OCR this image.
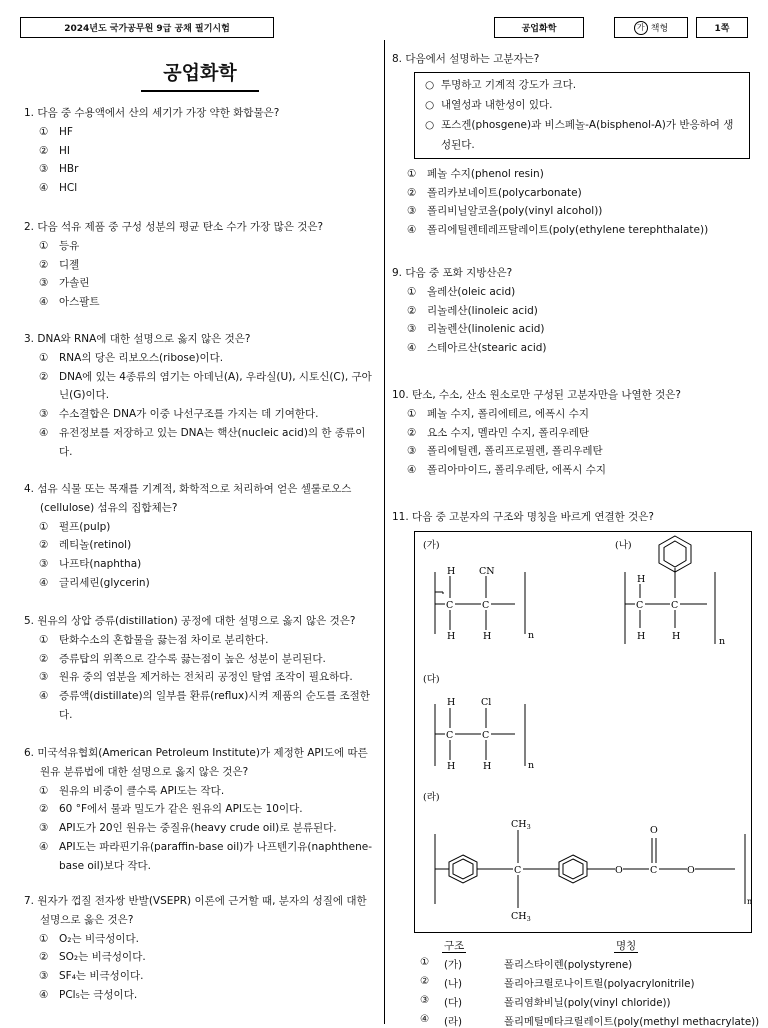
2024년도 국가공무원 9급 공채 필기시험	공업화학	가 책형	1쪽
공업화학
1. 다음 중 수용액에서 산의 세기가 가장 약한 화합물은?
①	HF
②	HI
③	HBr
④	HCl
2. 다음 석유 제품 중 구성 성분의 평균 탄소 수가 가장 많은 것은?
①	등유
②	디젤
③	가솔린
④	아스팔트
3. DNA와 RNA에 대한 설명으로 옳지 않은 것은?
①	RNA의 당은 리보오스(ribose)이다.
②	DNA에 있는 4종류의 염기는 아데닌(A), 우라실(U), 시토신(C), 구아닌(G)이다.
③	수소결합은 DNA가 이중 나선구조를 가지는 데 기여한다.
④	유전정보를 저장하고 있는 DNA는 핵산(nucleic acid)의 한 종류이다.
4. 섬유 식물 또는 목재를 기계적, 화학적으로 처리하여 얻은 셀룰로오스(cellulose) 섬유의 집합체는?
①	펄프(pulp)
②	레티놀(retinol)
③	나프타(naphtha)
④	글리세린(glycerin)
5. 원유의 상압 증류(distillation) 공정에 대한 설명으로 옳지 않은 것은?
①	탄화수소의 혼합물을 끓는점 차이로 분리한다.
②	증류탑의 위쪽으로 갈수록 끓는점이 높은 성분이 분리된다.
③	원유 중의 염분을 제거하는 전처리 공정인 탈염 조작이 필요하다.
④	증류액(distillate)의 일부를 환류(reflux)시켜 제품의 순도를 조절한다.
6. 미국석유협회(American Petroleum Institute)가 제정한 API도에 따른 원유 분류법에 대한 설명으로 옳지 않은 것은?
①	원유의 비중이 클수록 API도는 작다.
②	60 °F에서 물과 밀도가 같은 원유의 API도는 10이다.
③	API도가 20인 원유는 중질유(heavy crude oil)로 분류된다.
④	API도는 파라핀기유(paraffin-base oil)가 나프텐기유(naphthene-base oil)보다 작다.
7. 원자가 껍질 전자쌍 반발(VSEPR) 이론에 근거할 때, 분자의 성질에 대한 설명으로 옳은 것은?
①	O₂는 비극성이다.
②	SO₂는 비극성이다.
③	SF₄는 비극성이다.
④	PCl₅는 극성이다.
8. 다음에서 설명하는 고분자는?
○ 투명하고 기계적 강도가 크다.
○ 내열성과 내한성이 있다.
○ 포스겐(phosgene)과 비스페놀-A(bisphenol-A)가 반응하여 생성된다.
①	페놀 수지(phenol resin)
②	폴리카보네이트(polycarbonate)
③	폴리비닐알코올(poly(vinyl alcohol))
④	폴리에틸렌테레프탈레이트(poly(ethylene terephthalate))
9. 다음 중 포화 지방산은?
①	올레산(oleic acid)
②	리놀레산(linoleic acid)
③	리놀렌산(linolenic acid)
④	스테아르산(stearic acid)
10. 탄소, 수소, 산소 원소로만 구성된 고분자만을 나열한 것은?
①	페놀 수지, 폴리에테르, 에폭시 수지
②	요소 수지, 멜라민 수지, 폴리우레탄
③	폴리에틸렌, 폴리프로필렌, 폴리우레탄
④	폴리아마이드, 폴리우레탄, 에폭시 수지
11. 다음 중 고분자의 구조와 명칭을 바르게 연결한 것은?
H CN
C	C
H	H	n
(가)
H
C	C
H	H	n
(나)
H	Cl
C	C
H	H	n
(다)
$CH_3$
C
$CH_3$
O	C
O
O
n
(라)
구조	명칭
①	(가)	폴리스타이렌(polystyrene)
②	(나)	폴리아크릴로나이트릴(polyacrylonitrile)
③	(다)	폴리염화비닐(poly(vinyl chloride))
④	(라)	폴리메틸메타크릴레이트(poly(methyl methacrylate))
